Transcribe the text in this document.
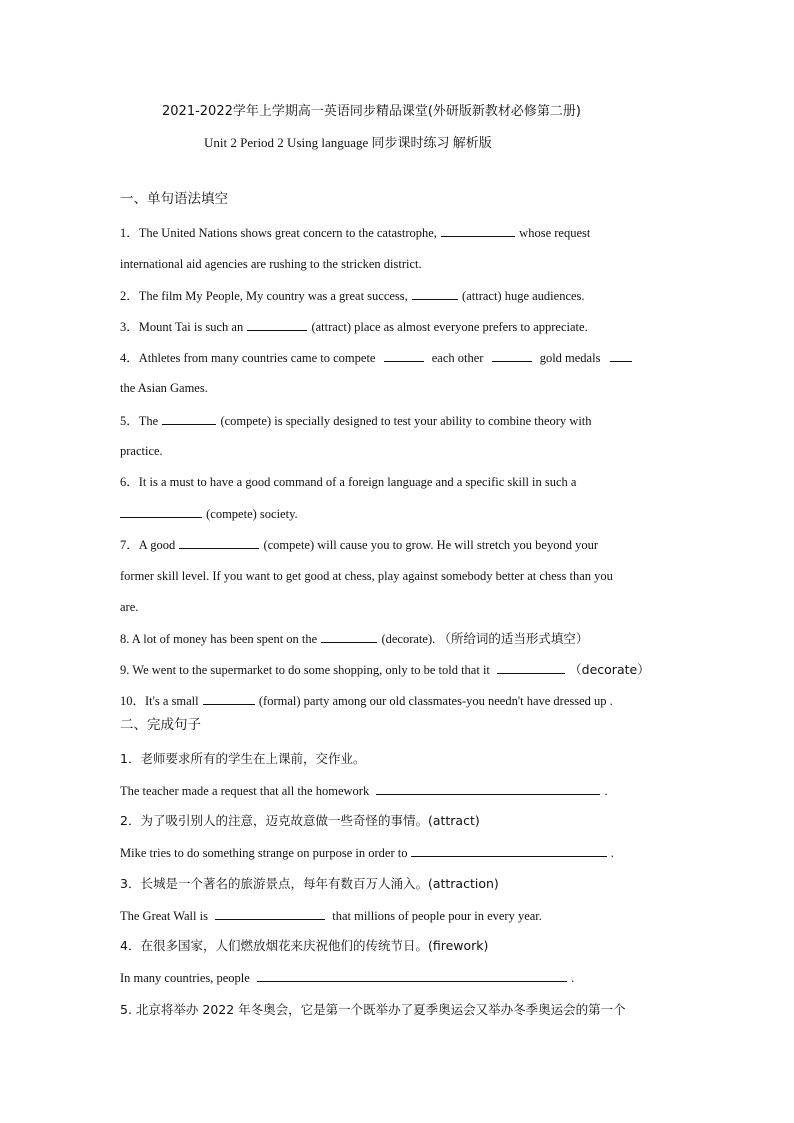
2021-2022学年上学期高一英语同步精品课堂(外研版新教材必修第二册)
Unit 2 Period 2 Using language 同步课时练习 解析版
一、单句语法填空
1．The United Nations shows great concern to the catastrophe,	whose request
international aid agencies are rushing to the stricken district.
2．The film My People, My country was a great success,	(attract) huge audiences.
3．Mount Tai is such an	(attract) place as almost everyone prefers to appreciate.
4．Athletes from many countries came to compete	each other	gold medals
the Asian Games.
5．The	(compete) is specially designed to test your ability to combine theory with
practice.
6．It is a must to have a good command of a foreign language and a specific skill in such a
(compete) society.
7．A good	(compete) will cause you to grow. He will stretch you beyond your
former skill level. If you want to get good at chess, play against somebody better at chess than you
are.
8. A lot of money has been spent on the	(decorate). （所给词的适当形式填空）
9. We went to the supermarket to do some shopping, only to be told that it	（decorate）
10．It's a small	(formal) party among our old classmates-you needn't have dressed up .
二、完成句子
1．老师要求所有的学生在上课前，交作业。
The teacher made a request that all the homework	.
2．为了吸引别人的注意，迈克故意做一些奇怪的事情。(attract)
Mike tries to do something strange on purpose in order to	.
3．长城是一个著名的旅游景点，每年有数百万人涌入。(attraction)
The Great Wall is	that millions of people pour in every year.
4．在很多国家，人们燃放烟花来庆祝他们的传统节日。(firework)
In many countries, people	.
5. 北京将举办 2022 年冬奥会，它是第一个既举办了夏季奥运会又举办冬季奥运会的第一个
